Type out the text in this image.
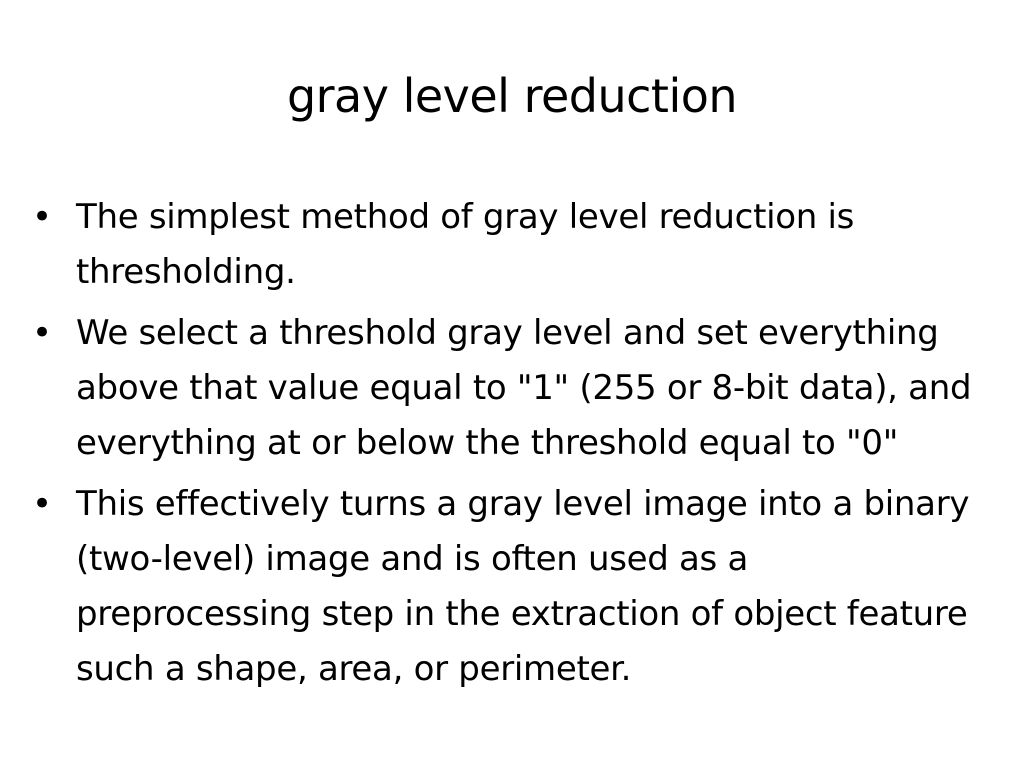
gray level reduction
• The simplest method of gray level reduction is thresholding.
• We select a threshold gray level and set everything above that value equal to "1" (255 or 8-bit data), and everything at or below the threshold equal to "0"
• This effectively turns a gray level image into a binary (two-level) image and is often used as a preprocessing step in the extraction of object feature such a shape, area, or perimeter.
